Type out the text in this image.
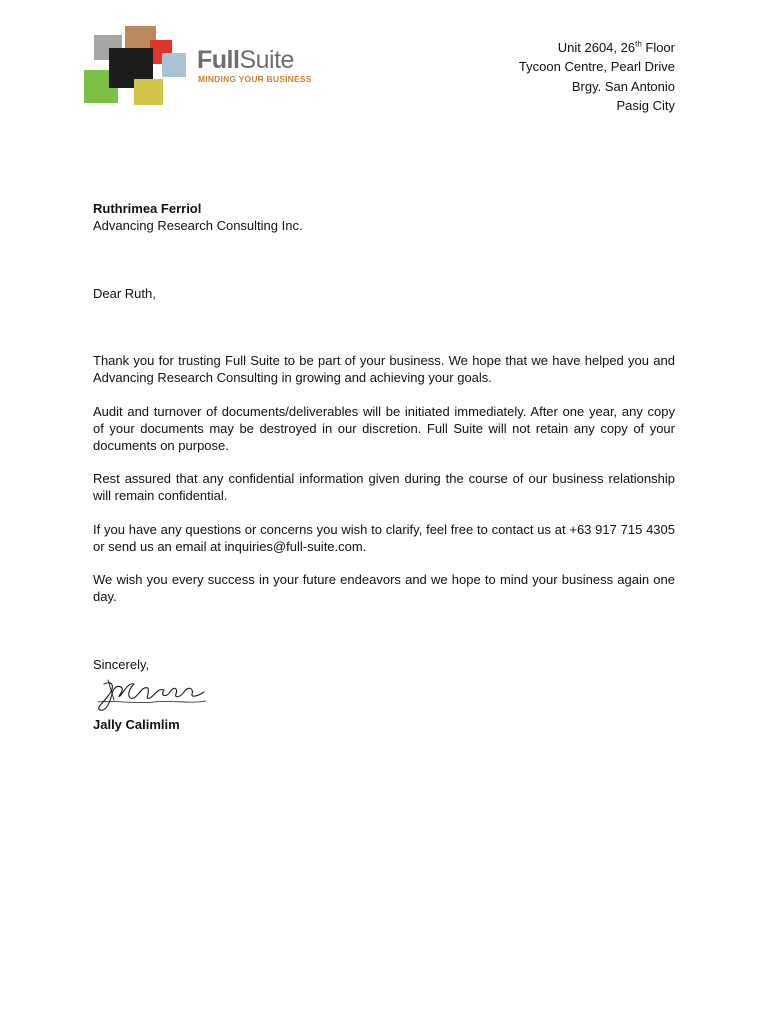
FullSuite
MINDING YOUR BUSINESS
Unit 2604, 26th Floor
Tycoon Centre, Pearl Drive
Brgy. San Antonio
Pasig City
Ruthrimea Ferriol
Advancing Research Consulting Inc.
Dear Ruth,

Thank you for trusting Full Suite to be part of your business. We hope that we have helped you and Advancing Research Consulting in growing and achieving your goals.

Audit and turnover of documents/deliverables will be initiated immediately. After one year, any copy of your documents may be destroyed in our discretion. Full Suite will not retain any copy of your documents on purpose.

Rest assured that any confidential information given during the course of our business relationship will remain confidential.

If you have any questions or concerns you wish to clarify, feel free to contact us at +63 917 715 4305 or send us an email at inquiries@full-suite.com.

We wish you every success in your future endeavors and we hope to mind your business again one day.

Sincerely,
Jally Calimlim
